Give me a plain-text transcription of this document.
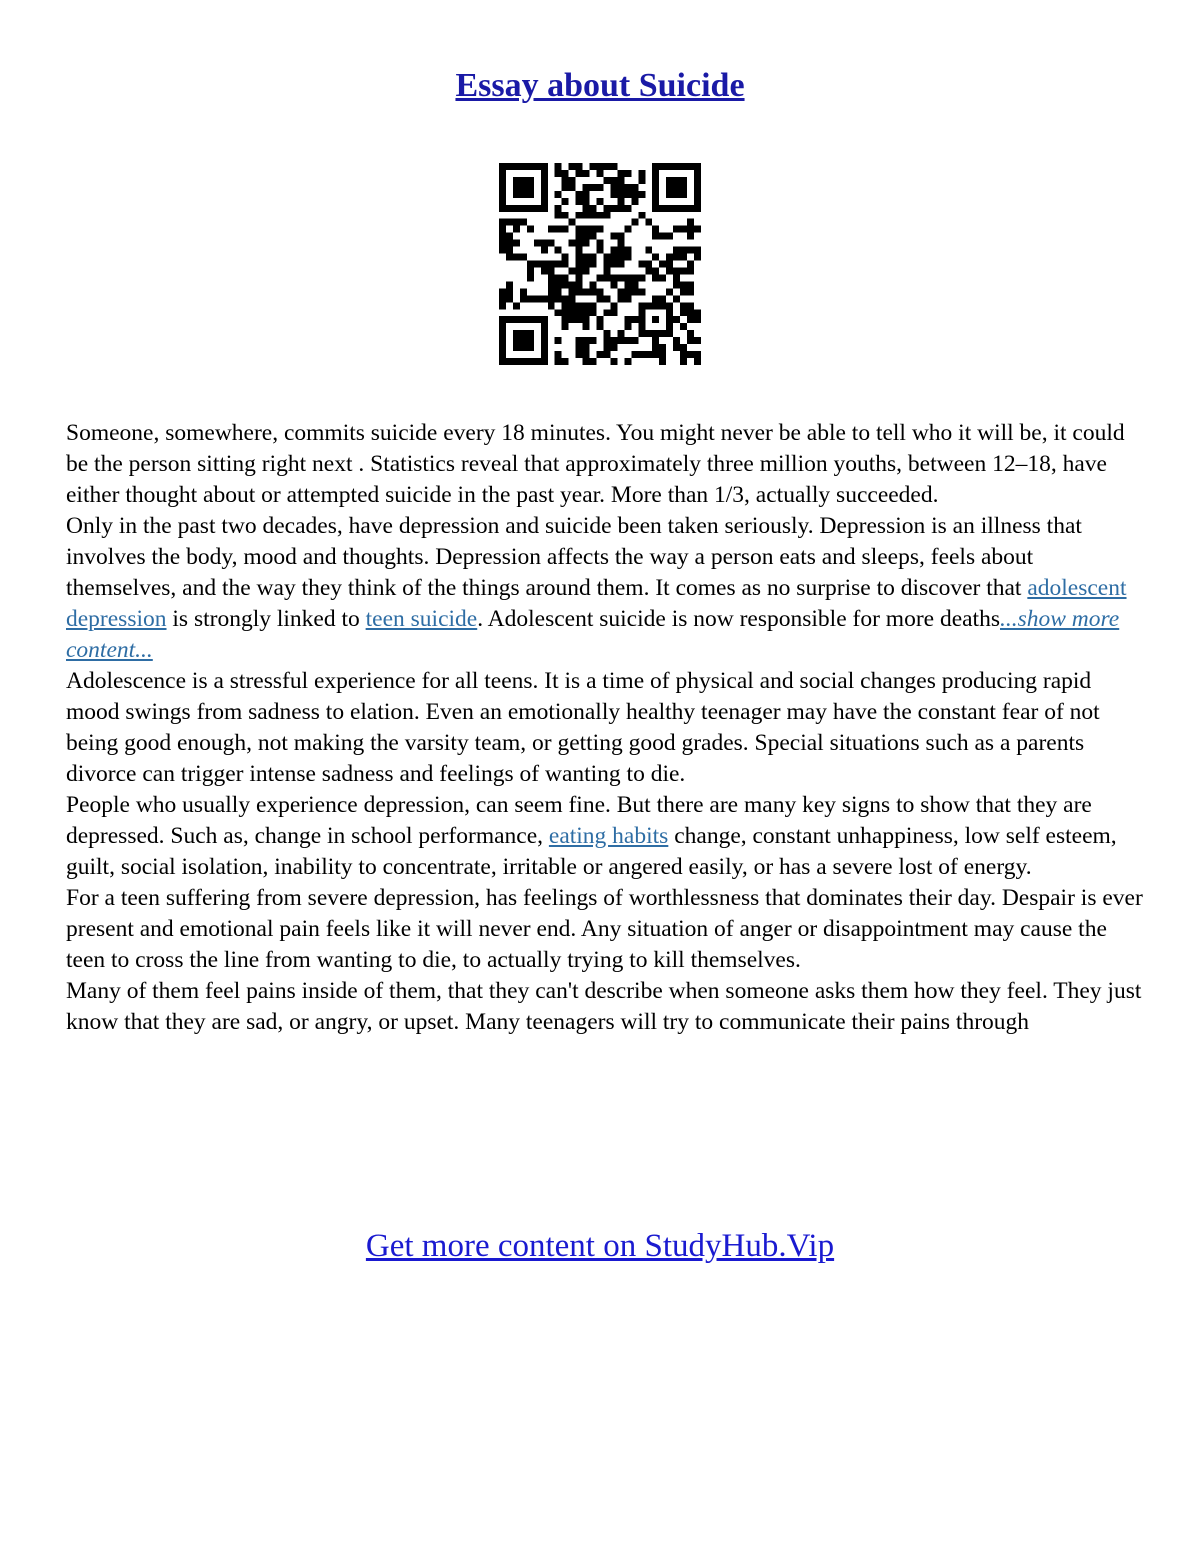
Essay about Suicide

Someone, somewhere, commits suicide every 18 minutes. You might never be able to tell who it will be, it could be the person sitting right next . Statistics reveal that approximately three million youths, between 12–18, have either thought about or attempted suicide in the past year. More than 1/3, actually succeeded.

Only in the past two decades, have depression and suicide been taken seriously. Depression is an illness that involves the body, mood and thoughts. Depression affects the way a person eats and sleeps, feels about themselves, and the way they think of the things around them. It comes as no surprise to discover that adolescent depression is strongly linked to teen suicide. Adolescent suicide is now responsible for more deaths...show more content...

Adolescence is a stressful experience for all teens. It is a time of physical and social changes producing rapid mood swings from sadness to elation. Even an emotionally healthy teenager may have the constant fear of not being good enough, not making the varsity team, or getting good grades. Special situations such as a parents divorce can trigger intense sadness and feelings of wanting to die.

People who usually experience depression, can seem fine. But there are many key signs to show that they are depressed. Such as, change in school performance, eating habits change, constant unhappiness, low self esteem, guilt, social isolation, inability to concentrate, irritable or angered easily, or has a severe lost of energy.

For a teen suffering from severe depression, has feelings of worthlessness that dominates their day. Despair is ever present and emotional pain feels like it will never end. Any situation of anger or disappointment may cause the teen to cross the line from wanting to die, to actually trying to kill themselves.

Many of them feel pains inside of them, that they can't describe when someone asks them how they feel. They just know that they are sad, or angry, or upset. Many teenagers will try to communicate their pains through

Get more content on StudyHub.Vip
